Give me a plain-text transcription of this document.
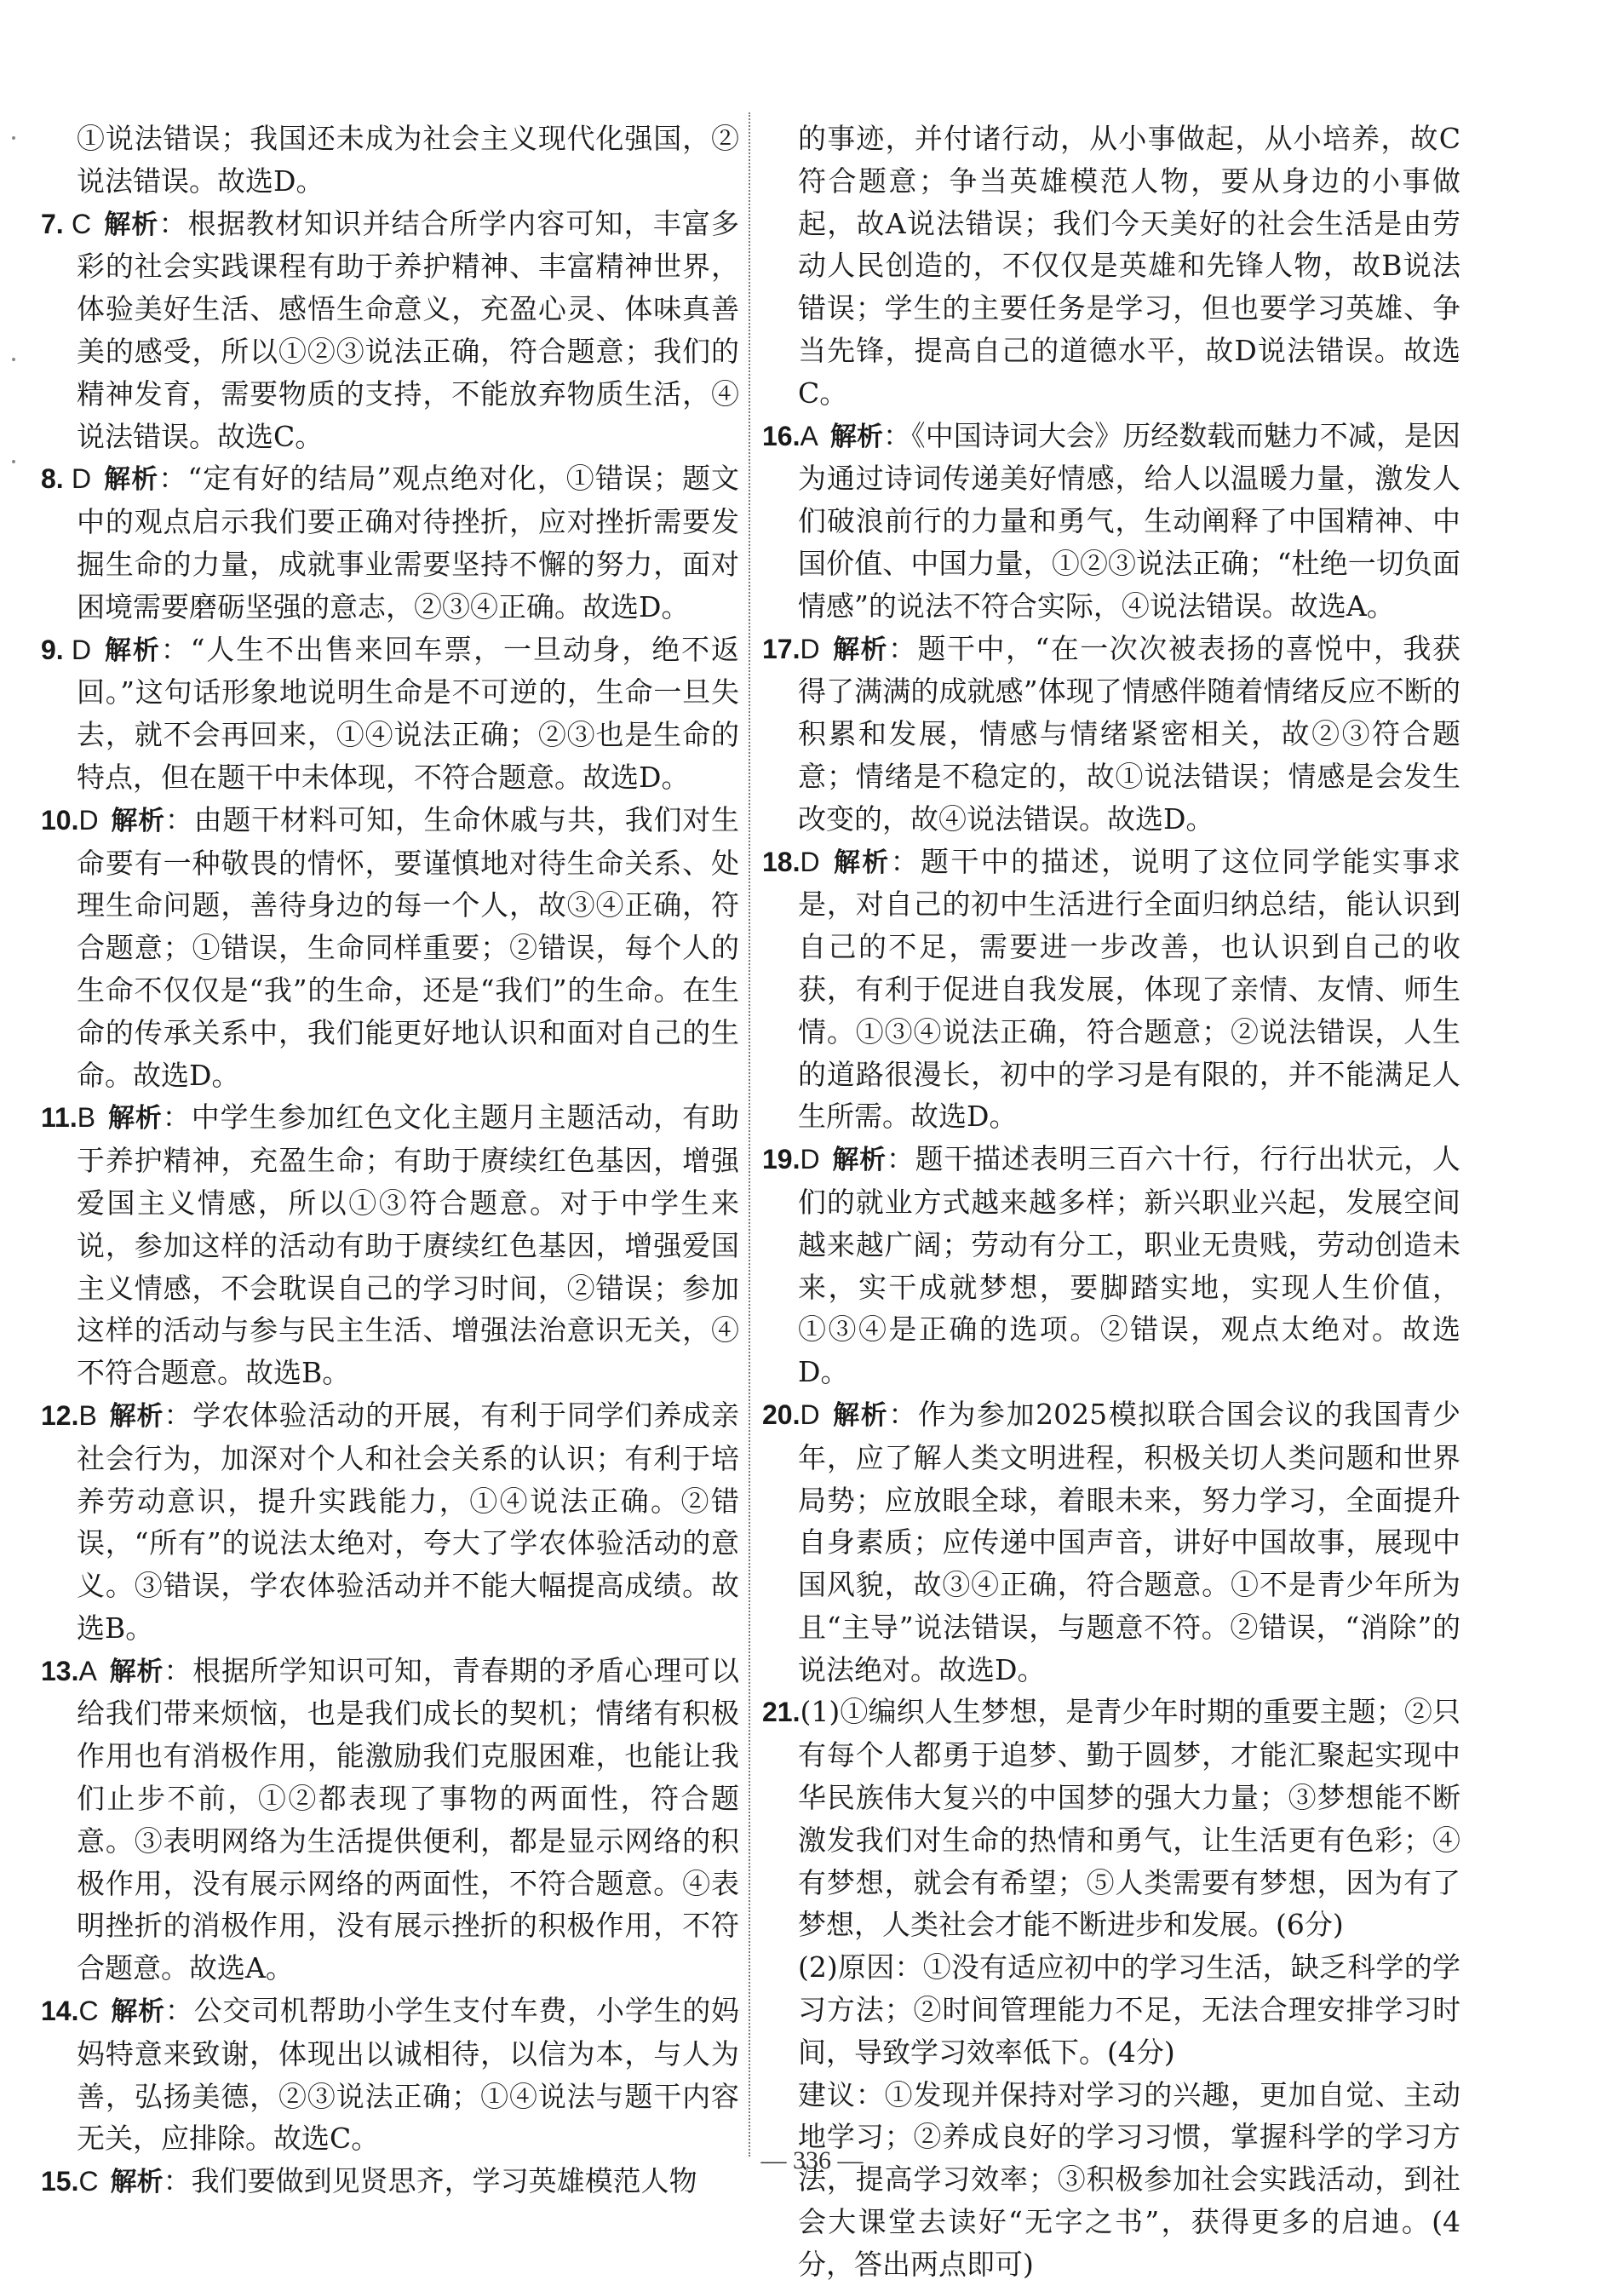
①说法错误；我国还未成为社会主义现代化强国，②说法错误。故选D。

7. C 解析：根据教材知识并结合所学内容可知，丰富多彩的社会实践课程有助于养护精神、丰富精神世界，体验美好生活、感悟生命意义，充盈心灵、体味真善美的感受，所以①②③说法正确，符合题意；我们的精神发育，需要物质的支持，不能放弃物质生活，④说法错误。故选C。

8. D 解析：“定有好的结局”观点绝对化，①错误；题文中的观点启示我们要正确对待挫折，应对挫折需要发掘生命的力量，成就事业需要坚持不懈的努力，面对困境需要磨砺坚强的意志，②③④正确。故选D。

9. D 解析：“人生不出售来回车票，一旦动身，绝不返回。”这句话形象地说明生命是不可逆的，生命一旦失去，就不会再回来，①④说法正确；②③也是生命的特点，但在题干中未体现，不符合题意。故选D。

10.D 解析：由题干材料可知，生命休戚与共，我们对生命要有一种敬畏的情怀，要谨慎地对待生命关系、处理生命问题，善待身边的每一个人，故③④正确，符合题意；①错误，生命同样重要；②错误，每个人的生命不仅仅是“我”的生命，还是“我们”的生命。在生命的传承关系中，我们能更好地认识和面对自己的生命。故选D。

11.B 解析：中学生参加红色文化主题月主题活动，有助于养护精神，充盈生命；有助于赓续红色基因，增强爱国主义情感，所以①③符合题意。对于中学生来说，参加这样的活动有助于赓续红色基因，增强爱国主义情感，不会耽误自己的学习时间，②错误；参加这样的活动与参与民主生活、增强法治意识无关，④不符合题意。故选B。

12.B 解析：学农体验活动的开展，有利于同学们养成亲社会行为，加深对个人和社会关系的认识；有利于培养劳动意识，提升实践能力，①④说法正确。②错误，“所有”的说法太绝对，夸大了学农体验活动的意义。③错误，学农体验活动并不能大幅提高成绩。故选B。

13.A 解析：根据所学知识可知，青春期的矛盾心理可以给我们带来烦恼，也是我们成长的契机；情绪有积极作用也有消极作用，能激励我们克服困难，也能让我们止步不前，①②都表现了事物的两面性，符合题意。③表明网络为生活提供便利，都是显示网络的积极作用，没有展示网络的两面性，不符合题意。④表明挫折的消极作用，没有展示挫折的积极作用，不符合题意。故选A。

14.C 解析：公交司机帮助小学生支付车费，小学生的妈妈特意来致谢，体现出以诚相待，以信为本，与人为善，弘扬美德，②③说法正确；①④说法与题干内容无关，应排除。故选C。

15.C 解析：我们要做到见贤思齐，学习英雄模范人物

的事迹，并付诸行动，从小事做起，从小培养，故C符合题意；争当英雄模范人物，要从身边的小事做起，故A说法错误；我们今天美好的社会生活是由劳动人民创造的，不仅仅是英雄和先锋人物，故B说法错误；学生的主要任务是学习，但也要学习英雄、争当先锋，提高自己的道德水平，故D说法错误。故选C。

16.A 解析：《中国诗词大会》历经数载而魅力不减，是因为通过诗词传递美好情感，给人以温暖力量，激发人们破浪前行的力量和勇气，生动阐释了中国精神、中国价值、中国力量，①②③说法正确；“杜绝一切负面情感”的说法不符合实际，④说法错误。故选A。

17.D 解析：题干中，“在一次次被表扬的喜悦中，我获得了满满的成就感”体现了情感伴随着情绪反应不断的积累和发展，情感与情绪紧密相关，故②③符合题意；情绪是不稳定的，故①说法错误；情感是会发生改变的，故④说法错误。故选D。

18.D 解析：题干中的描述，说明了这位同学能实事求是，对自己的初中生活进行全面归纳总结，能认识到自己的不足，需要进一步改善，也认识到自己的收获，有利于促进自我发展，体现了亲情、友情、师生情。①③④说法正确，符合题意；②说法错误，人生的道路很漫长，初中的学习是有限的，并不能满足人生所需。故选D。

19.D 解析：题干描述表明三百六十行，行行出状元，人们的就业方式越来越多样；新兴职业兴起，发展空间越来越广阔；劳动有分工，职业无贵贱，劳动创造未来，实干成就梦想，要脚踏实地，实现人生价值，①③④是正确的选项。②错误，观点太绝对。故选D。

20.D 解析：作为参加2025模拟联合国会议的我国青少年，应了解人类文明进程，积极关切人类问题和世界局势；应放眼全球，着眼未来，努力学习，全面提升自身素质；应传递中国声音，讲好中国故事，展现中国风貌，故③④正确，符合题意。①不是青少年所为且“主导”说法错误，与题意不符。②错误，“消除”的说法绝对。故选D。

21.(1)①编织人生梦想，是青少年时期的重要主题；②只有每个人都勇于追梦、勤于圆梦，才能汇聚起实现中华民族伟大复兴的中国梦的强大力量；③梦想能不断激发我们对生命的热情和勇气，让生活更有色彩；④有梦想，就会有希望；⑤人类需要有梦想，因为有了梦想，人类社会才能不断进步和发展。(6分)

(2)原因：①没有适应初中的学习生活，缺乏科学的学习方法；②时间管理能力不足，无法合理安排学习时间，导致学习效率低下。(4分)

建议：①发现并保持对学习的兴趣，更加自觉、主动地学习；②养成良好的学习习惯，掌握科学的学习方法，提高学习效率；③积极参加社会实践活动，到社会大课堂去读好“无字之书”，获得更多的启迪。(4分，答出两点即可)

— 336 —
